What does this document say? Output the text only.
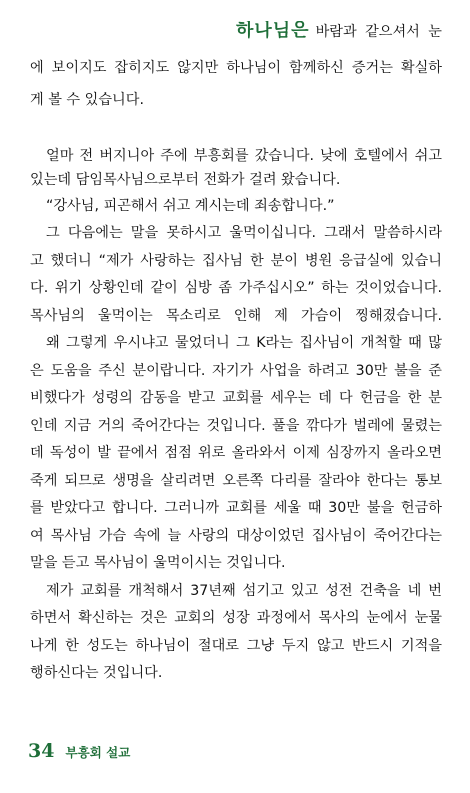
하나님은 바람과 같으셔서 눈
에 보이지도 잡히지도 않지만 하나님이 함께하신 증거는 확실하
게 볼 수 있습니다.
얼마 전 버지니아 주에 부흥회를 갔습니다. 낮에 호텔에서 쉬고
있는데 담임목사님으로부터 전화가 걸려 왔습니다.
“강사님, 피곤해서 쉬고 계시는데 죄송합니다.”
그 다음에는 말을 못하시고 울먹이십니다. 그래서 말씀하시라
고 했더니 “제가 사랑하는 집사님 한 분이 병원 응급실에 있습니
다. 위기 상황인데 같이 심방 좀 가주십시오” 하는 것이었습니다.
목사님의 울먹이는 목소리로 인해 제 가슴이 찡해졌습니다.
왜 그렇게 우시냐고 물었더니 그 K라는 집사님이 개척할 때 많
은 도움을 주신 분이랍니다. 자기가 사업을 하려고 30만 불을 준
비했다가 성령의 감동을 받고 교회를 세우는 데 다 헌금을 한 분
인데 지금 거의 죽어간다는 것입니다. 풀을 깎다가 벌레에 물렸는
데 독성이 발 끝에서 점점 위로 올라와서 이제 심장까지 올라오면
죽게 되므로 생명을 살리려면 오른쪽 다리를 잘라야 한다는 통보
를 받았다고 합니다. 그러니까 교회를 세울 때 30만 불을 헌금하
여 목사님 가슴 속에 늘 사랑의 대상이었던 집사님이 죽어간다는
말을 듣고 목사님이 울먹이시는 것입니다.
제가 교회를 개척해서 37년째 섬기고 있고 성전 건축을 네 번
하면서 확신하는 것은 교회의 성장 과정에서 목사의 눈에서 눈물
나게 한 성도는 하나님이 절대로 그냥 두지 않고 반드시 기적을
행하신다는 것입니다.
34 부흥회 설교
